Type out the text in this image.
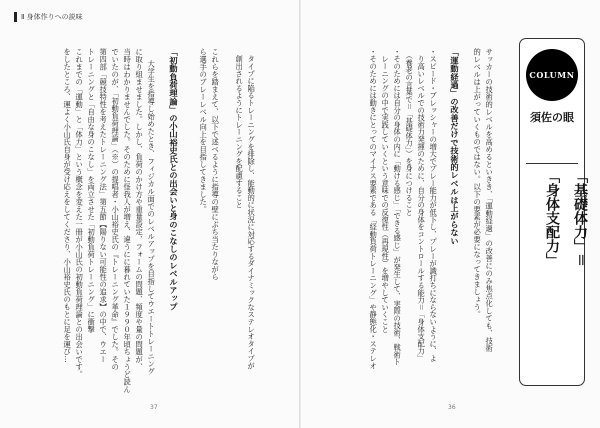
Ⅱ 身体作りへの説味
サッカーの技術的レベルを高めるといきき、「運動経過」の改善にのみ焦点化しても、技術
的レベルは上がっていくものではない。以下の要素が必要になってきましょう。
「運動経過」の改善だけで技術的レベルは上がらない
・スピード・ブレッシャーの増大でプレー能力が低下し、プレーが識打ちにならないように、よ
　り高いレベルでの技術力発揮のために、自分の身体をコントロールする能力＝「身体支配力」
　（養老の言葉で＝「基礎体力」）を身につけること
・そのためには自分の身体の内に「動ける感じ」「できる感じ」が発生して、実際の技術、戦術ト
　レーニングの中で実践していくという意味での反復性（再現性）を増やしていくこと
・そのためには動きにとってのマイナス要素である「経動負荷トレーニング」や静態化・ステレオ
　タイプに陥るトレーニングを排除し、能動的に状況に対応するダイナミックなステレオタイプが
　創出されるようにトレーニングを配慮すること
これらを踏まえて、以下で述べるように指導の壁にぶち当たりながら
ら選手のブレーレベル向上を目指してきました。
「初動負荷理論」の小山裕史氏との出会いと身のこなしのレベルアップ
大学生を指導し始めたとき、フィジカル面でのレベルアップを目指してウエートトレーニング
に取り組ませました。しかし、負荷のかけ方や重量設定、フォームの問題、頻度や量の問題が、
当時はわかりませんでした。そのために怪我人が増え、違うにに暮れていた１９９０年頃ちょうど読ん
でいたのが、「初動負荷理論」（※）の提唱者・小山裕史氏の『トレーニング革命』でした。その
第四部「競技特性を考えたトレーニング法」第五節【陽りない可能性の追求】の中で、ウエー
トレーニングと「自由な身のこなし」を両立させた「初動負荷トレーニング」に衝撃
これまでの「運動」と「体力」という概念を変えた一冊が小山氏の初動負荷理論との出会いです。
をしたところ、運よく小山氏自身が受け応えをしてくださり、小山裕史氏のもとに足を運び…
37	36
COLUMN
須佐の眼
「基礎体力」＝
「身体支配力」
